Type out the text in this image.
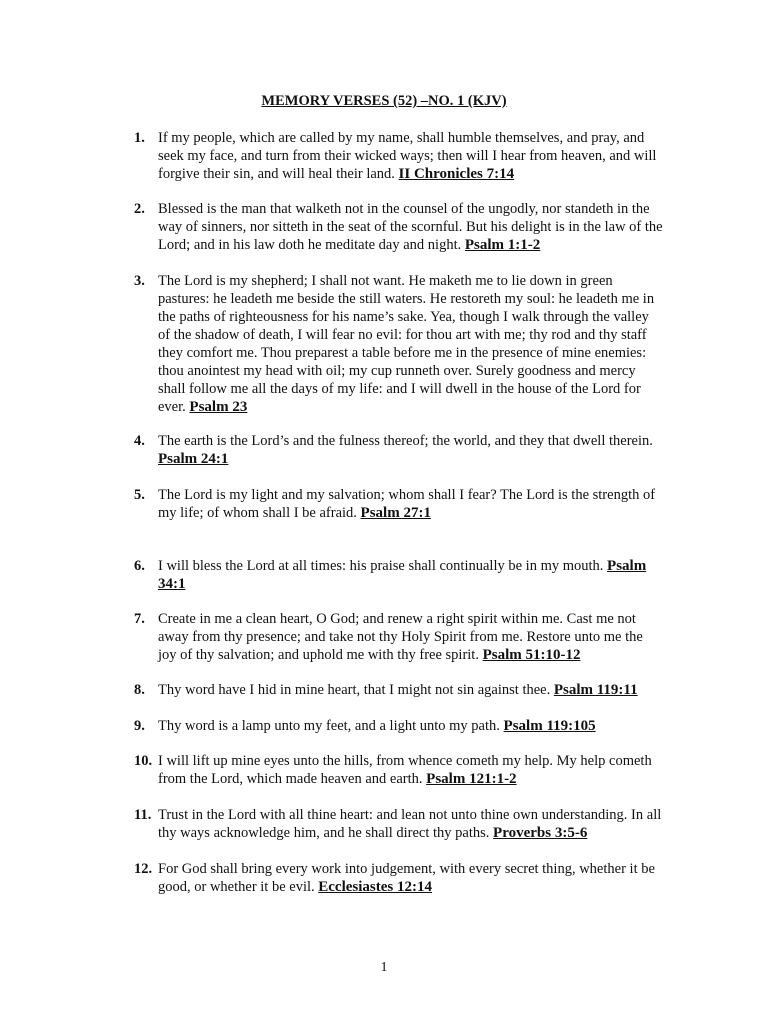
MEMORY VERSES (52) –NO. 1 (KJV)
1. If my people, which are called by my name, shall humble themselves, and pray, and seek my face, and turn from their wicked ways; then will I hear from heaven, and will forgive their sin, and will heal their land. II Chronicles 7:14
2. Blessed is the man that walketh not in the counsel of the ungodly, nor standeth in the way of sinners, nor sitteth in the seat of the scornful. But his delight is in the law of the Lord; and in his law doth he meditate day and night. Psalm 1:1-2
3. The Lord is my shepherd; I shall not want. He maketh me to lie down in green pastures: he leadeth me beside the still waters. He restoreth my soul: he leadeth me in the paths of righteousness for his name’s sake. Yea, though I walk through the valley of the shadow of death, I will fear no evil: for thou art with me; thy rod and thy staff they comfort me. Thou preparest a table before me in the presence of mine enemies: thou anointest my head with oil; my cup runneth over. Surely goodness and mercy shall follow me all the days of my life: and I will dwell in the house of the Lord for ever. Psalm 23
4. The earth is the Lord’s and the fulness thereof; the world, and they that dwell therein. Psalm 24:1
5. The Lord is my light and my salvation; whom shall I fear? The Lord is the strength of my life; of whom shall I be afraid. Psalm 27:1
6. I will bless the Lord at all times: his praise shall continually be in my mouth. Psalm 34:1
7. Create in me a clean heart, O God; and renew a right spirit within me. Cast me not away from thy presence; and take not thy Holy Spirit from me. Restore unto me the joy of thy salvation; and uphold me with thy free spirit. Psalm 51:10-12
8. Thy word have I hid in mine heart, that I might not sin against thee. Psalm 119:11
9. Thy word is a lamp unto my feet, and a light unto my path. Psalm 119:105
10. I will lift up mine eyes unto the hills, from whence cometh my help. My help cometh from the Lord, which made heaven and earth. Psalm 121:1-2
11. Trust in the Lord with all thine heart: and lean not unto thine own understanding. In all thy ways acknowledge him, and he shall direct thy paths. Proverbs 3:5-6
12. For God shall bring every work into judgement, with every secret thing, whether it be good, or whether it be evil. Ecclesiastes 12:14
1
